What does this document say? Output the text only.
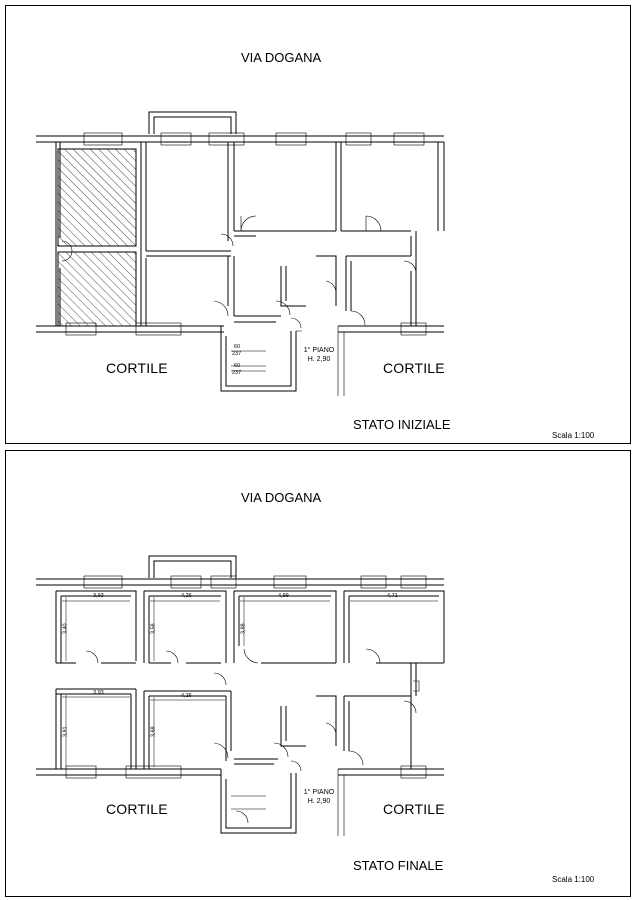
VIA DOGANA
CORTILE	CORTILE
1° PIANO
H. 2,90
60
237
60
237
STATO INIZIALE
Scala 1:100
VIA DOGANA
3,93	4,26	4,99	4,71
3,93	4,26
3,40	3,58	3,88
3,91	3,68
CORTILE	CORTILE
1° PIANO
H. 2,90
STATO FINALE
Scala 1:100
